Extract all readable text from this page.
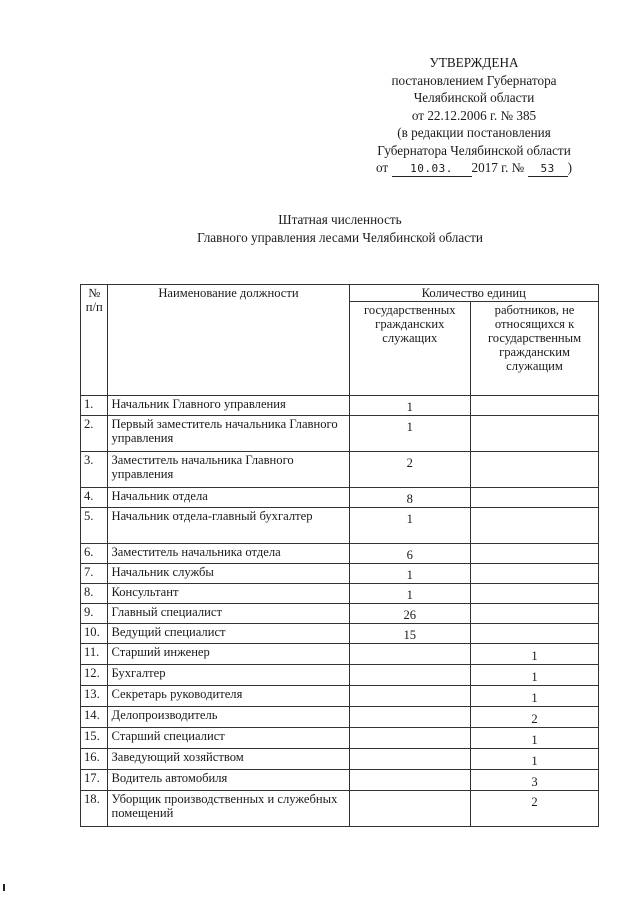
УТВЕРЖДЕНА
постановлением Губернатора
Челябинской области
от 22.12.2006 г. № 385
(в редакции постановления
Губернатора Челябинской области
от 10.03. 2017 г. № 53 )
Штатная численность
Главного управления лесами Челябинской области
№ п/п	Наименование должности	Количество единиц	
		государственных гражданских служащих	работников, не относящихся к государственным гражданским служащим
1.	Начальник Главного управления	1	
2.	Первый заместитель начальника Главного управления	1	
3.	Заместитель начальника Главного управления	2	
4.	Начальник отдела	8	
5.	Начальник отдела-главный бухгалтер	1	
6.	Заместитель начальника отдела	6	
7.	Начальник службы	1	
8.	Консультант	1	
9.	Главный специалист	26	
10.	Ведущий специалист	15	
11.	Старший инженер		1
12.	Бухгалтер		1
13.	Секретарь руководителя		1
14.	Делопроизводитель		2
15.	Старший специалист		1
16.	Заведующий хозяйством		1
17.	Водитель автомобиля		3
18.	Уборщик производственных и служебных помещений		2
